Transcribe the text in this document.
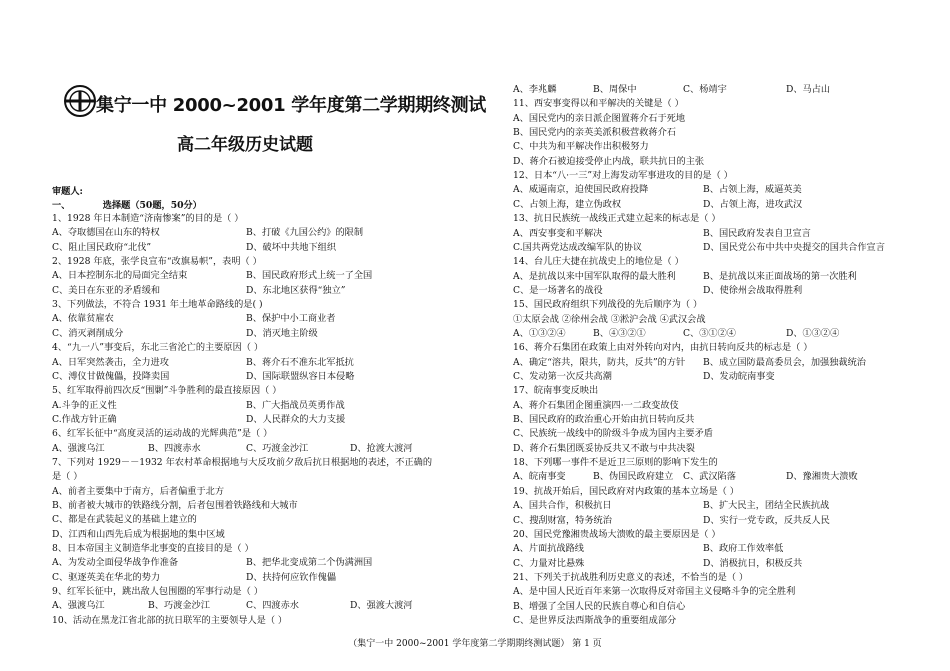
集宁一中 2000~2001 学年度第二学期期终测试
高二年级历史试题
审题人:
一、	选择题（50题，50分）
1、1928 年日本制造“济南惨案”的目的是（ ）
A、夺取德国在山东的特权	B、打破《九国公约》的限制
C、阻止国民政府“北伐”	D、破坏中共地下组织
2、1928 年底，张学良宣布“改旗易帜”，表明（ ）
A、日本控制东北的局面完全结束	B、国民政府形式上统一了全国
C、美日在东亚的矛盾缓和	D、东北地区获得“独立”
3、下列做法，不符合 1931 年土地革命路线的是( )
A、依靠贫雇农	B、保护中小工商业者
C、消灭剥削成分	D、消灭地主阶级
4、“九一八”事变后，东北三省沦亡的主要原因（ ）
A、日军突然袭击，全力进攻	B、蒋介石不准东北军抵抗
C、溥仪甘做傀儡，投降卖国	D、国际联盟纵容日本侵略
5、红军取得前四次反“围剿”斗争胜利的最直接原因（ ）
A.斗争的正义性	B、广大指战员英勇作战
C.作战方针正确	D、人民群众的大力支援
6、红军长征中“高度灵活的运动战的光辉典范”是（ ）
A、强渡乌江	B、四渡赤水	C、巧渡金沙江	D、抢渡大渡河
7、下列对 1929－－1932 年农村革命根据地与大反攻前夕敌后抗日根据地的表述，不正确的
是（ ）
A、前者主要集中于南方，后者偏重于北方
B、前者被大城市的铁路线分割，后者包围着铁路线和大城市
C、都是在武装起义的基础上建立的
D、江西和山西先后成为根据地的集中区域
8、日本帝国主义制造华北事变的直接目的是（ ）
A、为发动全面侵华战争作准备	B、把华北变成第二个伪满洲国
C、驱逐英美在华北的势力	D、扶持何应钦作傀儡
9、红军长征中，跳出敌人包围圈的军事行动是（ ）
A、强渡乌江	B、巧渡金沙江	C、四渡赤水	D、强渡大渡河
10、活动在黑龙江省北部的抗日联军的主要领导人是（ ）
A、李兆麟	B、周保中	C、杨靖宇	D、马占山
11、西安事变得以和平解决的关键是（ ）
A、国民党内的亲日派企图置蒋介石于死地
B、国民党内的亲英美派积极营救蒋介石
C、中共为和平解决作出积极努力
D、蒋介石被迫接受停止内战，联共抗日的主张
12、日本“八·一三”对上海发动军事进攻的目的是（ ）
A、威逼南京，迫使国民政府投降	B、占领上海，威逼英美
C、占领上海，建立伪政权	D、占领上海，进攻武汉
13、抗日民族统一战线正式建立起来的标志是（ ）
A、西安事变和平解决	B、国民政府发表自卫宣言
C.国共两党达成改编军队的协议	D、国民党公布中共中央提交的国共合作宣言
14、台儿庄大捷在抗战史上的地位是（ ）
A、是抗战以来中国军队取得的最大胜利	B、是抗战以来正面战场的第一次胜利
C、是一场著名的战役	D、使徐州会战取得胜利
15、国民政府组织下列战役的先后顺序为（ ）
①太原会战 ②徐州会战 ③淞沪会战 ④武汉会战
A、①③②④	B、④③②①	C、③①②④	D、①③②④
16、蒋介石集团在政策上由对外转向对内，由抗日转向反共的标志是（ ）
A、确定“溶共，限共，防共，反共”的方针 B、成立国防最高委员会，加强独裁统治
C、发动第一次反共高潮	D、发动皖南事变
17、皖南事变反映出
A、蒋介石集团企图重演四·一二政变故伎
B、国民政府的政治重心开始由抗日转向反共
C、民族统一战线中的阶级斗争成为国内主要矛盾
D、蒋介石集团既妥协反共又不敢与中共决裂
18、下列哪一事件不是近卫三原则的影响下发生的
A、皖南事变	B、伪国民政府建立 C、武汉陷落	D、豫湘贵大溃败
19、抗战开始后，国民政府对内政策的基本立场是（ ）
A、国共合作，积极抗日	B、扩大民主，团结全民族抗战
C、搜刮财富，特务统治	D、实行一党专政，反共反人民
20、国民党豫湘贵战场大溃败的最主要原因是（ ）
A、片面抗战路线	B、政府工作效率低
C、力量对比悬殊	D、消极抗日，积极反共
21、下列关于抗战胜利历史意义的表述，不恰当的是（ ）
A、是中国人民近百年来第一次取得反对帝国主义侵略斗争的完全胜利
B、增强了全国人民的民族自尊心和自信心
C、是世界反法西斯战争的重要组成部分
（集宁一中 2000~2001 学年度第二学期期终测试题） 第 1 页
